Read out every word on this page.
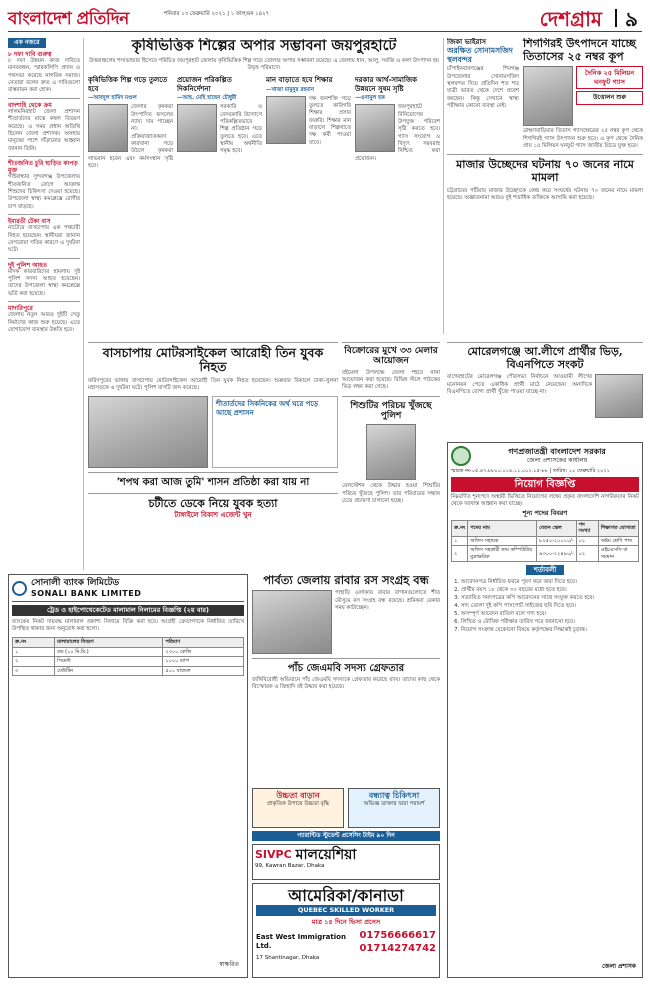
বাংলাদেশ প্রতিদিন	শনিবার ১৩ ফেব্রুয়ারি ২০২১ | ১ ফাল্গুন ১৪২৭	দেশগ্রাম ৯
এক নজরে
৮ দফা দাবি গুরুত্ব
৮ দফা উন্নয়ন কাজ দাবিতে মানববন্ধন, স্মারকলিপি প্রদান ও পথসভা করেছে নাগরিক সমাজ। নেতারা বলেন দ্রুত এ দাবিগুলো বাস্তবায়ন করা হোক।
বাদশাহি থেকে ক্রম
লালমনিরহাট জেলা প্রশাসন শীতার্তদের মাঝে কম্বল বিতরণ করেছে। এ সময় প্রধান অতিথি ছিলেন জেলা প্রশাসক। অসহায় মানুষের পাশে দাঁড়ানোর আহ্বান জানান তিনি।
শীতজনিত চুরি ছাড়িত কাপড় মুক্ত
গাইবান্ধার সুন্দরগঞ্জ উপজেলায় শীতজনিত রোগে আক্রান্ত শিশুদের চিকিৎসা দেওয়া হয়েছে। উপজেলা স্বাস্থ্য কমপ্লেক্সে রোগীর চাপ বাড়ছে।
ইমারতী টেকা বাস
নাটোরে বাসচাপায় এক পথচারী নিহত হয়েছেন। স্থানীয়রা জানান বেপরোয়া গতির কারণে এ দুর্ঘটনা ঘটে।
দুই পুলিশ আহত
মাদক কারবারিদের হামলায় দুই পুলিশ সদস্য আহত হয়েছেন। তাদের উপজেলা স্বাস্থ্য কমপ্লেক্সে ভর্তি করা হয়েছে।
মাদারিপুরে
জেলায় নতুন আরও দুইটি সেতু নির্মাণের কাজ শুরু হয়েছে। এতে যোগাযোগ ব্যবস্থার উন্নতি হবে।
কৃষিভিত্তিক শিল্পের অপার সম্ভাবনা জয়পুরহাটে
উত্তরাঞ্চলের শস্যভান্ডার হিসেবে পরিচিত জয়পুরহাট জেলায় কৃষিভিত্তিক শিল্প গড়ে তোলার অপার সম্ভাবনা রয়েছে। এ জেলায় ধান, আলু, সবজি ও কলা উৎপাদন হয় উদ্বৃত্ত পরিমাণে।
কৃষিভিত্তিক শিল্প গড়ে তুলতে হবে
—আবদুল হামিদ মণ্ডল
জেলার কৃষকরা উৎপাদিত ফসলের ন্যায্য দাম পাচ্ছেন না। প্রক্রিয়াজাতকরণ কারখানা গড়ে উঠলে কৃষকরা লাভবান হবেন এবং কর্মসংস্থান সৃষ্টি হবে।
প্রয়োজন পরিকল্পিত দিকনির্দেশনা
—আছ. মেহি হাছেন চৌধুরী
সরকারি ও বেসরকারি উদ্যোগে পরিকল্পিতভাবে শিল্প প্রতিষ্ঠান গড়ে তুলতে হবে। এতে স্থানীয় অর্থনীতি সমৃদ্ধ হবে।
মান বাড়াতে হবে শিক্ষার
—খাজা মামুনুর রহমান
দক্ষ জনশক্তি গড়ে তুলতে কারিগরি শিক্ষার প্রসার জরুরি। শিক্ষার মান বাড়ালে শিল্পখাতে দক্ষ কর্মী পাওয়া যাবে।
দরকার আর্থ-সামাজিক উন্নয়নে সুষম সৃষ্টি
—এনামুল হক
জয়পুরহাটে বিনিয়োগের উপযুক্ত পরিবেশ সৃষ্টি করতে হবে। গ্যাস সংযোগ ও বিদ্যুৎ সরবরাহ নিশ্চিত করা প্রয়োজন।
জিকা ভাইরাস
অরক্ষিত সোনামসজিদ স্থলবন্দর
চাঁপাইনবাবগঞ্জের শিবগঞ্জ উপজেলার সোনামসজিদ স্থলবন্দর দিয়ে প্রতিদিন শত শত যাত্রী ভারত থেকে দেশে প্রবেশ করছেন। কিন্তু সেখানে স্বাস্থ্য পরীক্ষার কোনো ব্যবস্থা নেই।
শিগগিরই উৎপাদনে যাচ্ছে তিতাসের ২৫ নম্বর কূপ
দৈনিক ২৫ মিলিয়ন ঘনফুট গ্যাস
উত্তোলন শুরু
ব্রাহ্মণবাড়িয়ার তিতাস গ্যাসক্ষেত্রের ২৫ নম্বর কূপ থেকে শিগগিরই গ্যাস উৎপাদন শুরু হবে। এ কূপ থেকে দৈনিক প্রায় ১৫ মিলিয়ন ঘনফুট গ্যাস জাতীয় গ্রিডে যুক্ত হবে।
মাজার উচ্ছেদের ঘটনায় ৭০ জনের নামে মামলা
চট্টগ্রামের পটিয়ায় মাজার উচ্ছেদকে কেন্দ্র করে সংঘর্ষের ঘটনায় ৭০ জনের নামে মামলা হয়েছে। অজ্ঞাতনামা আরও দুই শতাধিক ব্যক্তিকে আসামি করা হয়েছে।
বাসচাপায় মোটরসাইকেল আরোহী তিন যুবক নিহত
ফরিদপুরের ভাঙ্গায় বাসচাপায় মোটরসাইকেল আরোহী তিন যুবক নিহত হয়েছেন। শুক্রবার বিকালে ঢাকা-খুলনা মহাসড়কে এ দুর্ঘটনা ঘটে। পুলিশ বাসটি জব্দ করেছে।
শীতার্তদের সিকনিকের অর্থ ঘরে পড়ে আছে প্রশাসন
'শপথ করা আজ তুমি' শাসন প্রতিষ্ঠা করা যায় না
চটীতে ডেকে নিয়ে যুবক হত্যা
টাঙ্গাইলে বিকাশ এজেন্ট খুন
বিক্রোরের মুখে ৩৩ মেলার আয়োজন
বইমেলা উপলক্ষে জেলা শহরে নানা আয়োজন করা হয়েছে। বিভিন্ন স্টলে পাঠকের ভিড় লক্ষ্য করা গেছে।
শিশুটির পরিচয় খুঁজছে পুলিশ
রেলস্টেশন থেকে উদ্ধার হওয়া শিশুটির পরিচয় খুঁজছে পুলিশ। তার পরিবারের সন্ধান চেয়ে প্রচারণা চালানো হচ্ছে।
মোরেলগঞ্জে আ.লীগে প্রার্থীর ভিড়, বিএনপিতে সংকট
বাগেরহাটের মোরেলগঞ্জ পৌরসভা নির্বাচনে আওয়ামী লীগের মনোনয়ন পেতে একাধিক প্রার্থী মাঠে নেমেছেন। অন্যদিকে বিএনপিতে যোগ্য প্রার্থী খুঁজে পাওয়া যাচ্ছে না।
গণপ্রজাতন্ত্রী বাংলাদেশ সরকার
জেলা প্রশাসকের কার্যালয়
স্মারক নং-০৫.৪৭.৮৮০০.০১৪.১১.০০২.১৫-৮৮ | তারিখ: ১১ ফেব্রুয়ারি ২০২১
নিয়োগ বিজ্ঞপ্তি
নিম্নবর্ণিত শূন্যপদে অস্থায়ী ভিত্তিতে নিয়োগের লক্ষ্যে প্রকৃত বাংলাদেশি নাগরিকদের নিকট থেকে দরখাস্ত আহ্বান করা যাচ্ছে।
শূন্য পদের বিবরণ
ক্র.নং	পদের নাম	বেতন স্কেল	পদ সংখ্যা	শিক্ষাগত যোগ্যতা
১	অফিস সহায়ক	৮২৫০-২০০১০/-	০১	অষ্টম শ্রেণি পাস
২	অফিস সহকারী কাম কম্পিউটার মুদ্রাক্ষরিক	৯৩০০-২২৪৯০/-	০২	এইচএসসি বা সমমান
শর্তাবলী
1. আবেদনপত্র নির্ধারিত ফরমে পূরণ করে জমা দিতে হবে।
2. প্রার্থীর বয়স ১৮ থেকে ৩০ বছরের মধ্যে হতে হবে।
3. সত্যায়িত সনদপত্রের কপি আবেদনের সাথে সংযুক্ত করতে হবে।
4. সদ্য তোলা দুই কপি পাসপোর্ট সাইজের ছবি দিতে হবে।
5. অসম্পূর্ণ আবেদন বাতিল বলে গণ্য হবে।
6. লিখিত ও মৌখিক পরীক্ষার তারিখ পরে জানানো হবে।
7. নিয়োগ সংক্রান্ত যেকোনো বিষয়ে কর্তৃপক্ষের সিদ্ধান্তই চূড়ান্ত।
জেলা প্রশাসক
সোনালী ব্যাংক লিমিটেড
SONALI BANK LIMITED
ট্রেড ও হাইপোথেকেটেড মালামাল নিলামের বিজ্ঞপ্তি (২য় বার)
ব্যাংকের নিকট দায়বদ্ধ মালামাল প্রকাশ্য নিলামে বিক্রি করা হবে। আগ্রহী ক্রেতাগণকে নির্ধারিত তারিখে উপস্থিত থাকার জন্য অনুরোধ করা হলো।
ক্র.নং	মালামালের বিবরণ	পরিমাণ
১	রড (১০ মি.মি.)	২৩০০ কেজি
২	সিমেন্ট	১০০০ ব্যাগ
৩	ঢেউটিন	৫০০ বান্ডেল
স্বাক্ষরিত
পার্বত্য জেলায় রাবার রস সংগ্রহ বন্ধ
পাহাড়ি এলাকায় রাবার বাগানগুলোতে শীত মৌসুমে রস সংগ্রহ বন্ধ রয়েছে। শ্রমিকরা বেকার সময় কাটাচ্ছেন।
পাঁচ জেএমবি সদস্য গ্রেফতার
জঙ্গিবিরোধী অভিযানে পাঁচ জেএমবি সদস্যকে গ্রেফতার করেছে র‍্যাব। তাদের কাছ থেকে বিস্ফোরক ও জিহাদি বই উদ্ধার করা হয়েছে।
উচ্চতা বাড়ান
প্রাকৃতিক উপায়ে উচ্চতা বৃদ্ধি
বন্ধ্যাত্ব চিকিৎসা
অভিজ্ঞ ডাক্তার দ্বারা পরামর্শ
গ্যারান্টিড স্টুডেন্ট প্রসেসিং টাইম ৯০ দিন
SIVPC মালয়েশিয়া
99, Kawran Bazar, Dhaka
আমেরিকা/কানাডা
QUEBEC SKILLED WORKER
মাত্র ১৫ দিনে ভিসা প্রসেস
East West Immigration Ltd.
01756666617
01714274742
17 Shantinagar, Dhaka
